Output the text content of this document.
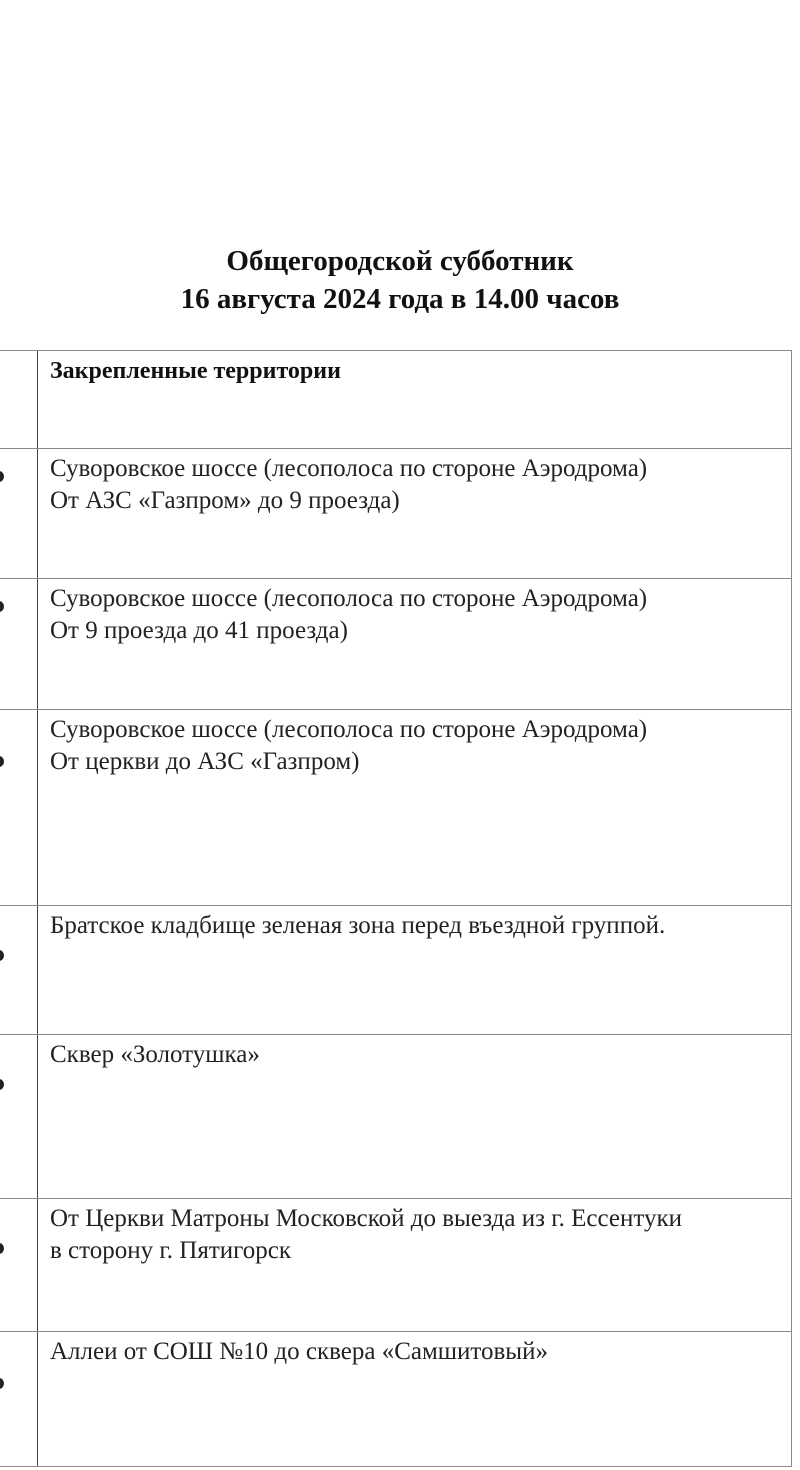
Общегородской субботник
16 августа 2024 года в 14.00 часов
Закрепленные территории
Суворовское шоссе (лесополоса по стороне Аэродрома)
От АЗС «Газпром» до 9 проезда)
Суворовское шоссе (лесополоса по стороне Аэродрома)
От 9 проезда до 41 проезда)
Суворовское шоссе (лесополоса по стороне Аэродрома)
От церкви до АЗС «Газпром)
Братское кладбище зеленая зона перед въездной группой.
Сквер «Золотушка»
От Церкви Матроны Московской до выезда из г. Ессентуки
в сторону г. Пятигорск
Аллеи от СОШ №10 до сквера «Самшитовый»
